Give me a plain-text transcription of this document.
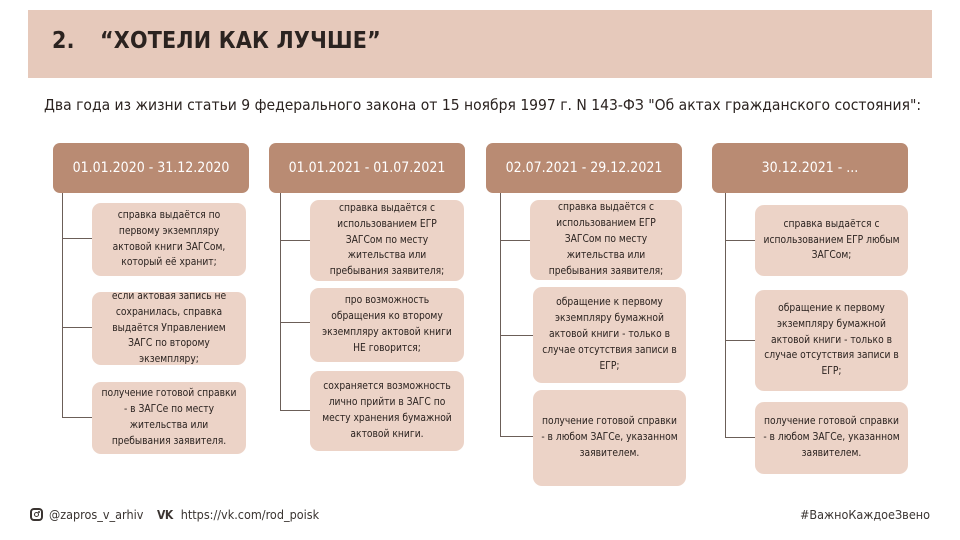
2. “ХОТЕЛИ КАК ЛУЧШЕ”
Два года из жизни статьи 9 федерального закона от 15 ноября 1997 г. N 143-ФЗ "Об актах гражданского состояния":
01.01.2020 - 31.12.2020
справка выдаётся по первому экземпляру актовой книги ЗАГСом, который её хранит;
если актовая запись не сохранилась, справка выдаётся Управлением ЗАГС по второму экземпляру;
получение готовой справки - в ЗАГСе по месту жительства или пребывания заявителя.
01.01.2021 - 01.07.2021
справка выдаётся с использованием ЕГР ЗАГСом по месту жительства или пребывания заявителя;
про возможность обращения ко второму экземпляру актовой книги НЕ говорится;
сохраняется возможность лично прийти в ЗАГС по месту хранения бумажной актовой книги.
02.07.2021 - 29.12.2021
справка выдаётся с использованием ЕГР ЗАГСом по месту жительства или пребывания заявителя;
обращение к первому экземпляру бумажной актовой книги - только в случае отсутствия записи в ЕГР;
получение готовой справки - в любом ЗАГСе, указанном заявителем.
30.12.2021 - ...
справка выдаётся с использованием ЕГР любым ЗАГСом;
обращение к первому экземпляру бумажной актовой книги - только в случае отсутствия записи в ЕГР;
получение готовой справки - в любом ЗАГСе, указанном заявителем.
@zapros_v_arhiv VK https://vk.com/rod_poisk	#ВажноКаждоеЗвено
